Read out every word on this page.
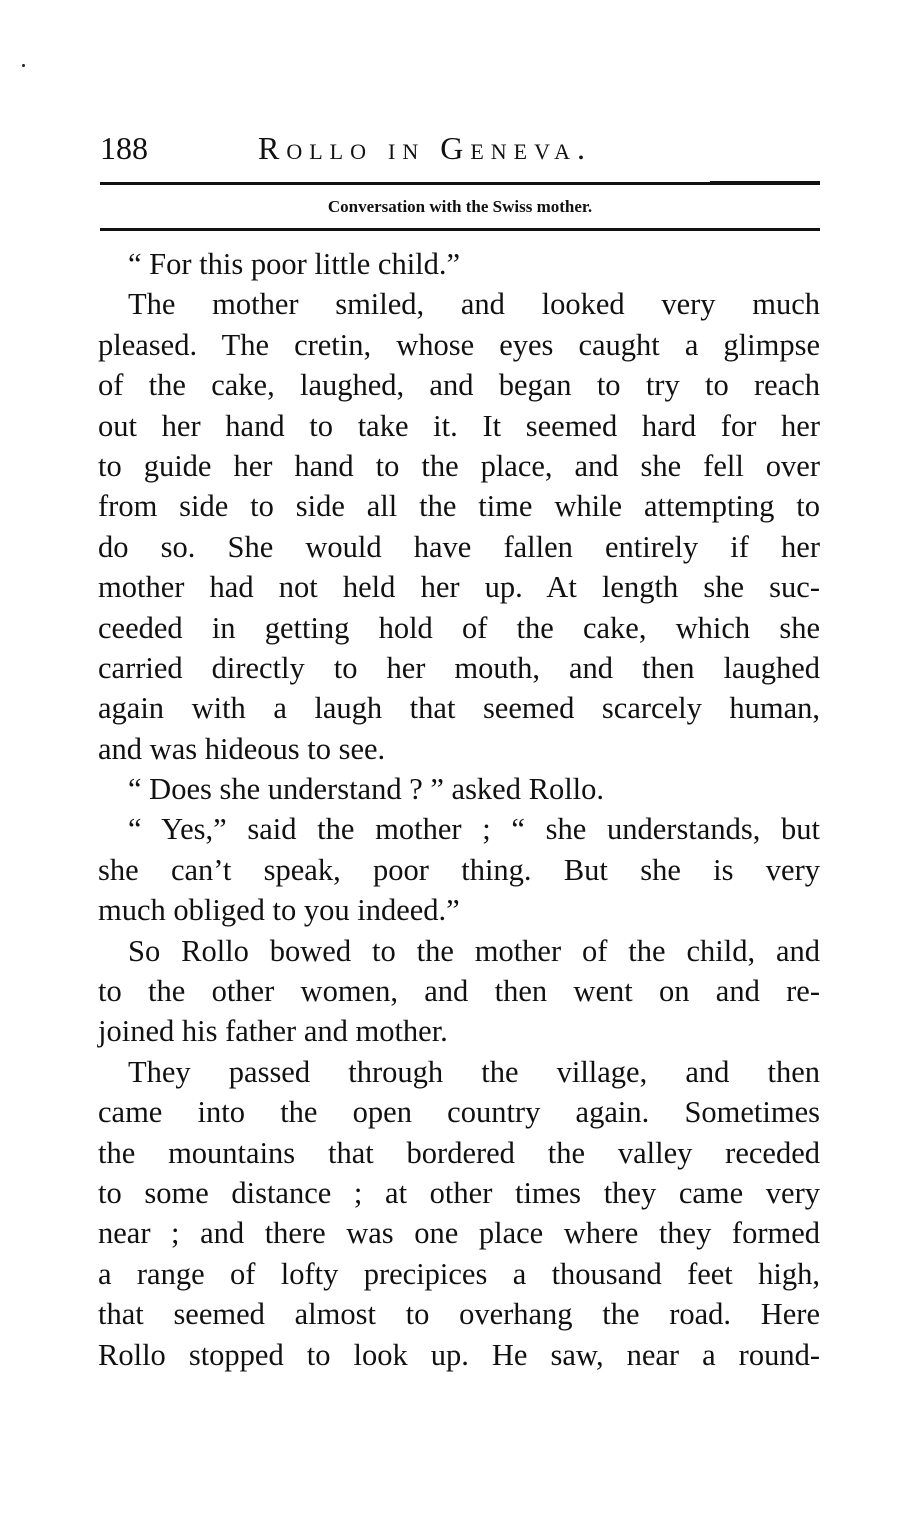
188	Rollo in Geneva.
Conversation with the Swiss mother.
“ For this poor little child.”
The mother smiled, and looked very much
pleased. The cretin, whose eyes caught a glimpse
of the cake, laughed, and began to try to reach
out her hand to take it. It seemed hard for her
to guide her hand to the place, and she fell over
from side to side all the time while attempting to
do so. She would have fallen entirely if her
mother had not held her up. At length she suc-
ceeded in getting hold of the cake, which she
carried directly to her mouth, and then laughed
again with a laugh that seemed scarcely human,
and was hideous to see.
“ Does she understand ? ” asked Rollo.
“ Yes,” said the mother ; “ she understands, but
she can’t speak, poor thing. But she is very
much obliged to you indeed.”
So Rollo bowed to the mother of the child, and
to the other women, and then went on and re-
joined his father and mother.
They passed through the village, and then
came into the open country again. Sometimes
the mountains that bordered the valley receded
to some distance ; at other times they came very
near ; and there was one place where they formed
a range of lofty precipices a thousand feet high,
that seemed almost to overhang the road. Here
Rollo stopped to look up. He saw, near a round-
